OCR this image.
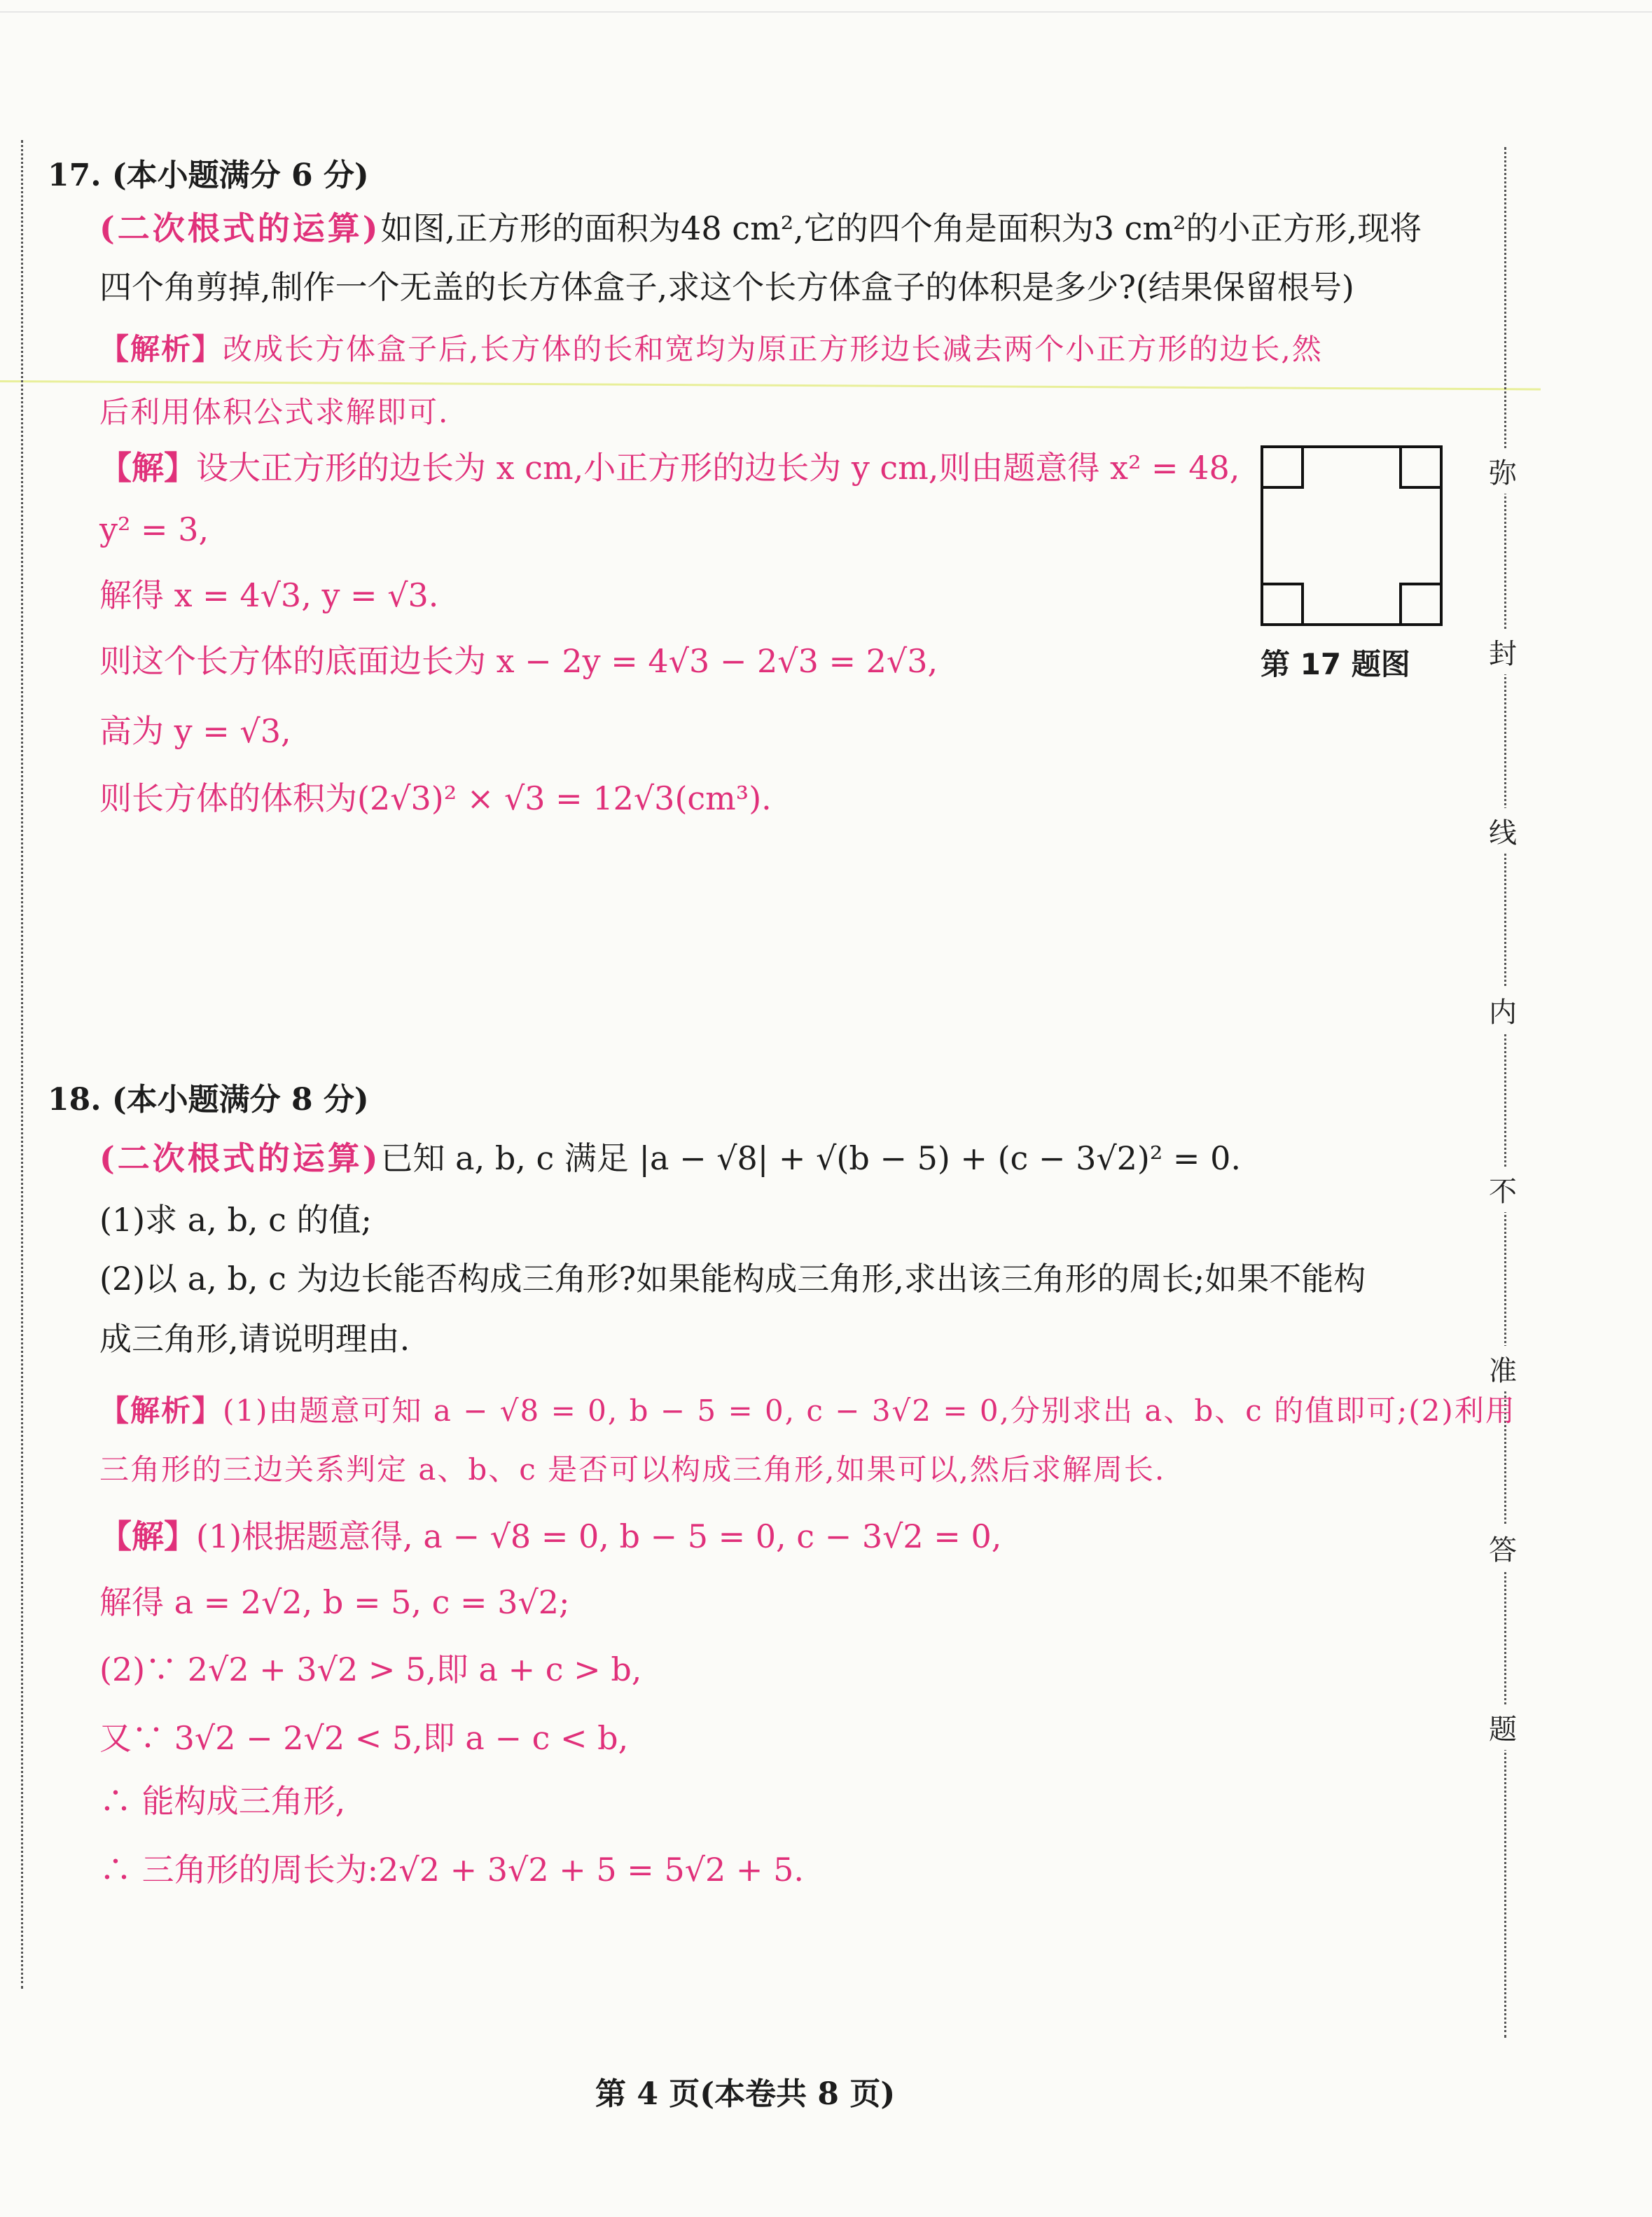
弥
封
线
内
不
准
答
题
17. (本小题满分 6 分)
(二次根式的运算)如图,正方形的面积为48 cm²,它的四个角是面积为3 cm²的小正方形,现将
四个角剪掉,制作一个无盖的长方体盒子,求这个长方体盒子的体积是多少?(结果保留根号)
【解析】改成长方体盒子后,长方体的长和宽均为原正方形边长减去两个小正方形的边长,然
后利用体积公式求解即可.
【解】设大正方形的边长为 x cm,小正方形的边长为 y cm,则由题意得 x² = 48,
y² = 3,
解得 x = 4√3, y = √3.
则这个长方体的底面边长为 x − 2y = 4√3 − 2√3 = 2√3,
高为 y = √3,
则长方体的体积为(2√3)² × √3 = 12√3(cm³).
第 17 题图
18. (本小题满分 8 分)
(二次根式的运算)已知 a, b, c 满足 |a − √8| + √(b − 5) + (c − 3√2)² = 0.
(1)求 a, b, c 的值;
(2)以 a, b, c 为边长能否构成三角形?如果能构成三角形,求出该三角形的周长;如果不能构
成三角形,请说明理由.
【解析】(1)由题意可知 a − √8 = 0, b − 5 = 0, c − 3√2 = 0,分别求出 a、b、c 的值即可;(2)利用
三角形的三边关系判定 a、b、c 是否可以构成三角形,如果可以,然后求解周长.
【解】(1)根据题意得, a − √8 = 0, b − 5 = 0, c − 3√2 = 0,
解得 a = 2√2, b = 5, c = 3√2;
(2)∵ 2√2 + 3√2 > 5,即 a + c > b,
又∵ 3√2 − 2√2 < 5,即 a − c < b,
∴ 能构成三角形,
∴ 三角形的周长为:2√2 + 3√2 + 5 = 5√2 + 5.
第 4 页(本卷共 8 页)
